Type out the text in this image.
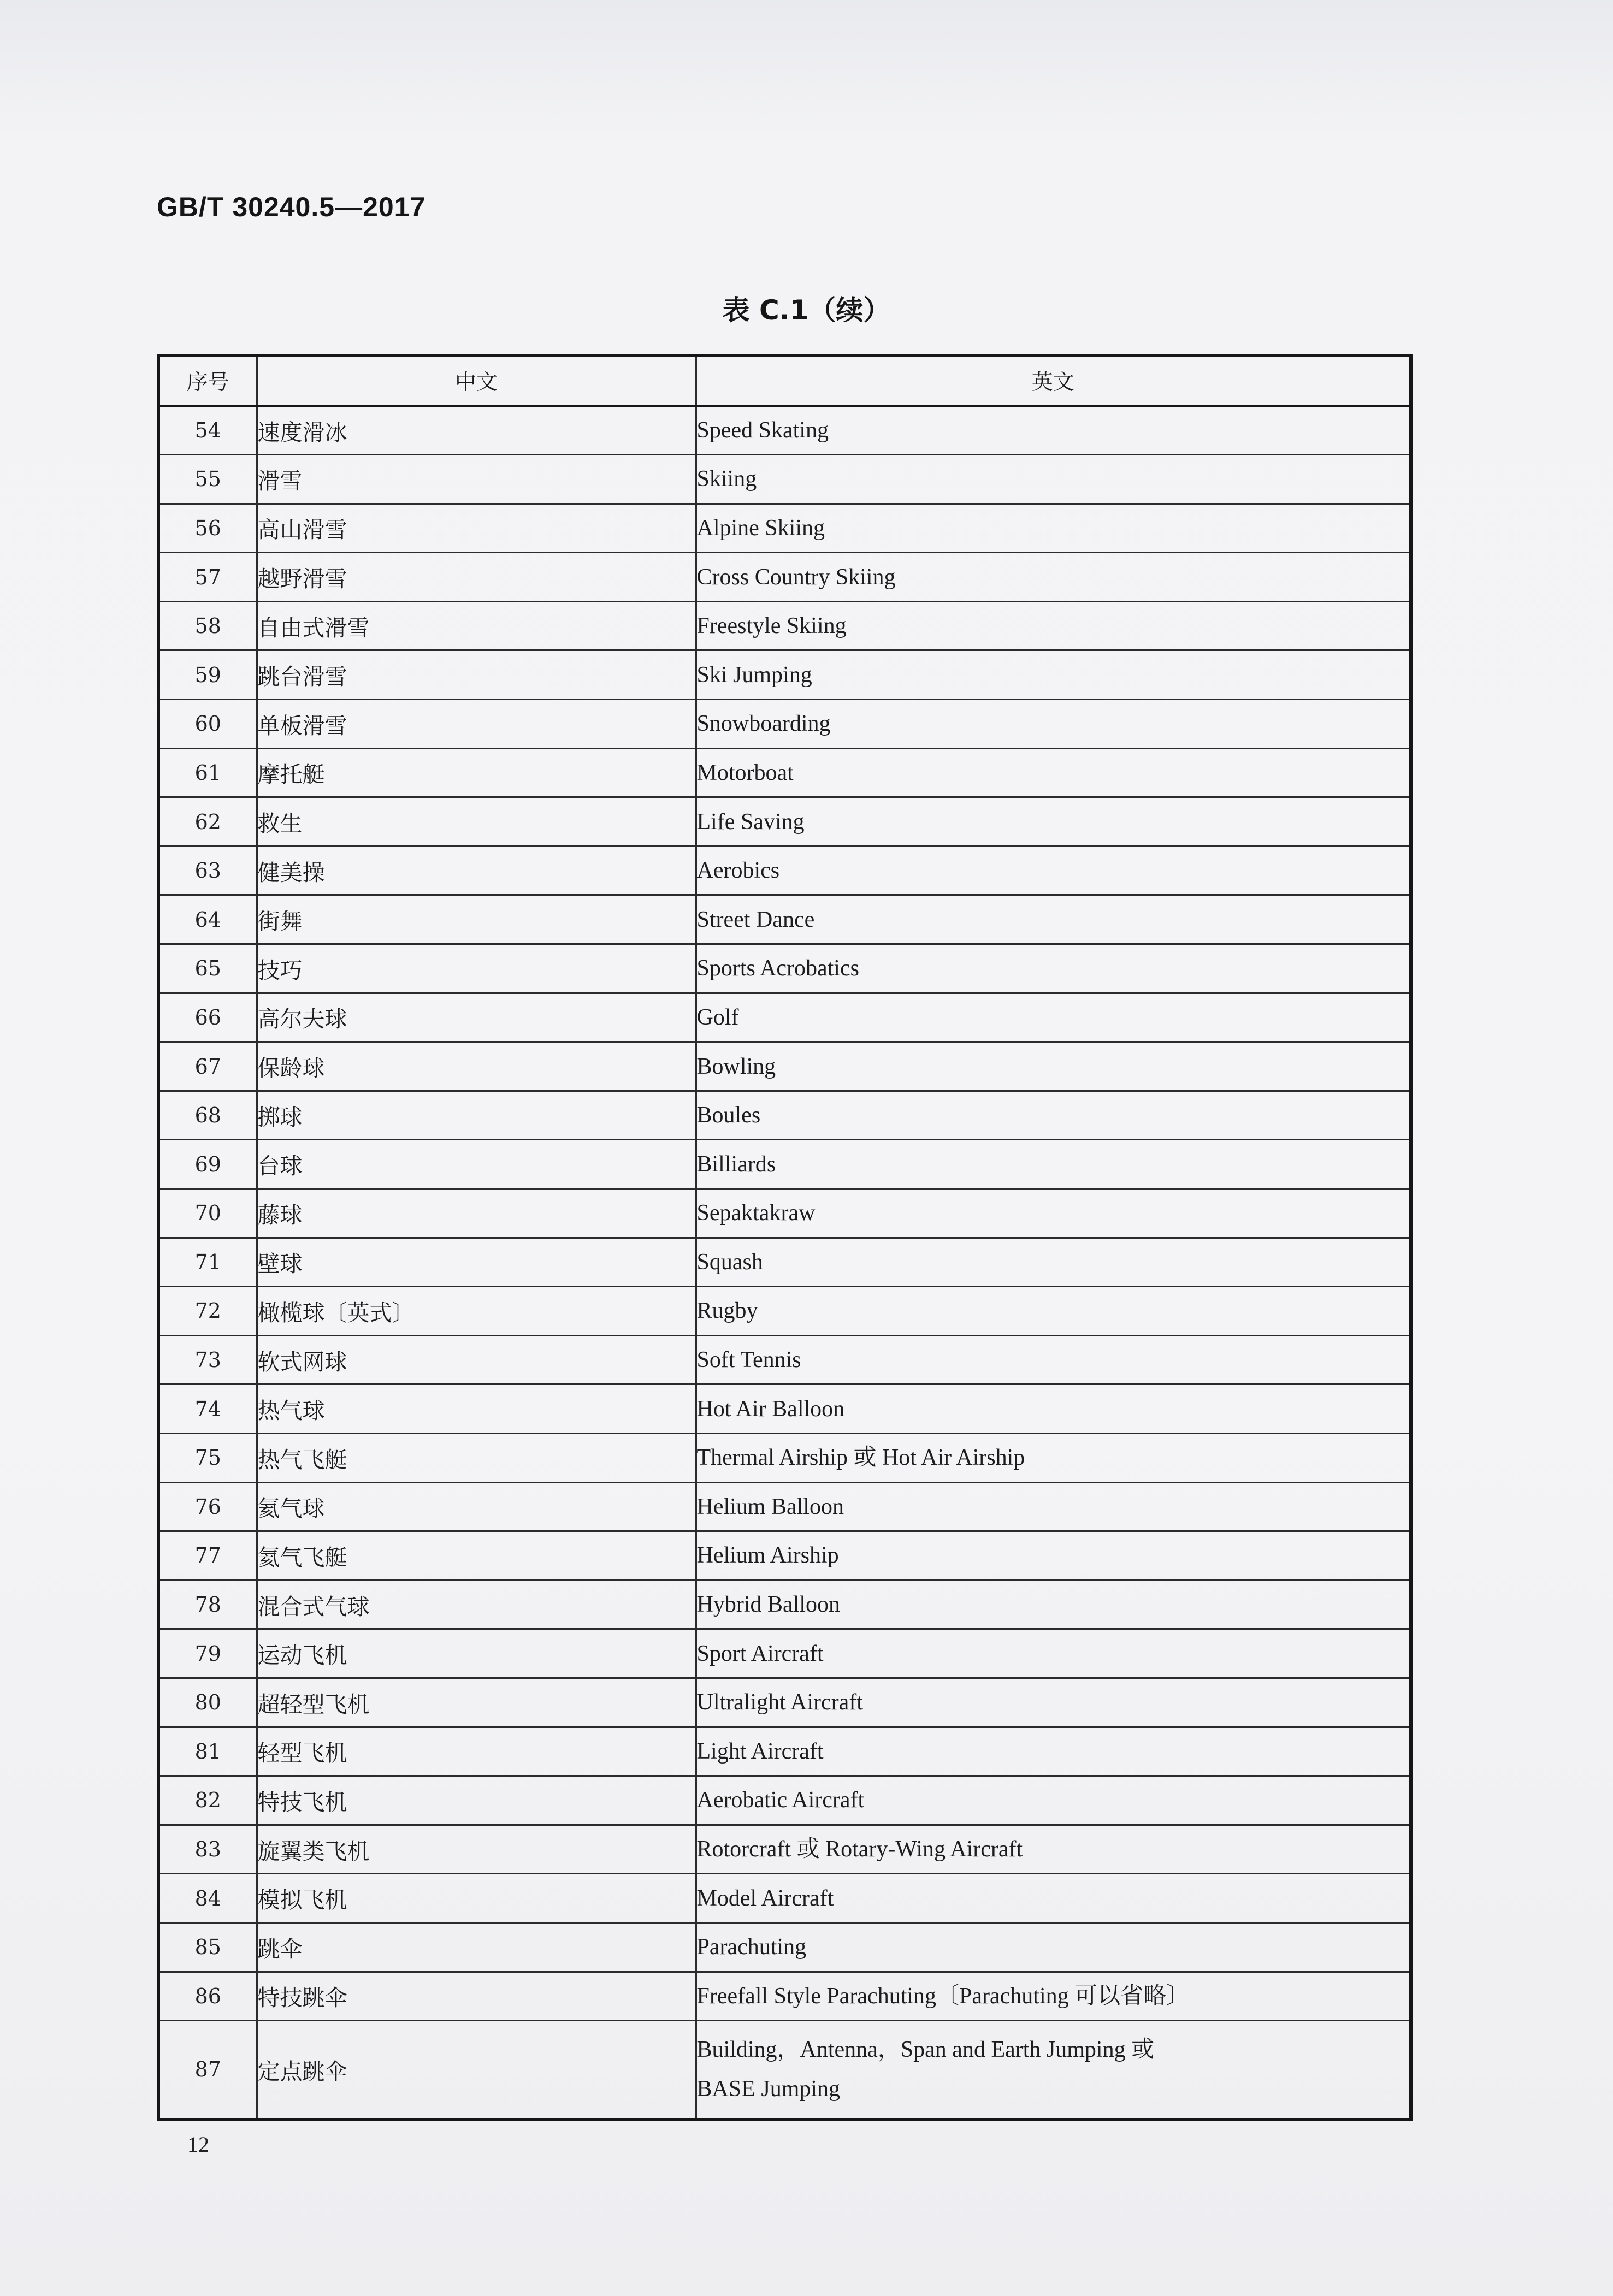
GB/T 30240.5—2017
表 C.1（续）
序号	中文	英文
54	速度滑冰	Speed Skating
55	滑雪	Skiing
56	高山滑雪	Alpine Skiing
57	越野滑雪	Cross Country Skiing
58	自由式滑雪	Freestyle Skiing
59	跳台滑雪	Ski Jumping
60	单板滑雪	Snowboarding
61	摩托艇	Motorboat
62	救生	Life Saving
63	健美操	Aerobics
64	街舞	Street Dance
65	技巧	Sports Acrobatics
66	高尔夫球	Golf
67	保龄球	Bowling
68	掷球	Boules
69	台球	Billiards
70	藤球	Sepaktakraw
71	壁球	Squash
72	橄榄球〔英式〕	Rugby
73	软式网球	Soft Tennis
74	热气球	Hot Air Balloon
75	热气飞艇	Thermal Airship 或 Hot Air Airship
76	氦气球	Helium Balloon
77	氦气飞艇	Helium Airship
78	混合式气球	Hybrid Balloon
79	运动飞机	Sport Aircraft
80	超轻型飞机	Ultralight Aircraft
81	轻型飞机	Light Aircraft
82	特技飞机	Aerobatic Aircraft
83	旋翼类飞机	Rotorcraft 或 Rotary-Wing Aircraft
84	模拟飞机	Model Aircraft
85	跳伞	Parachuting
86	特技跳伞	Freefall Style Parachuting〔Parachuting 可以省略〕
87	定点跳伞	Building，Antenna，Span and Earth Jumping 或
BASE Jumping
12
